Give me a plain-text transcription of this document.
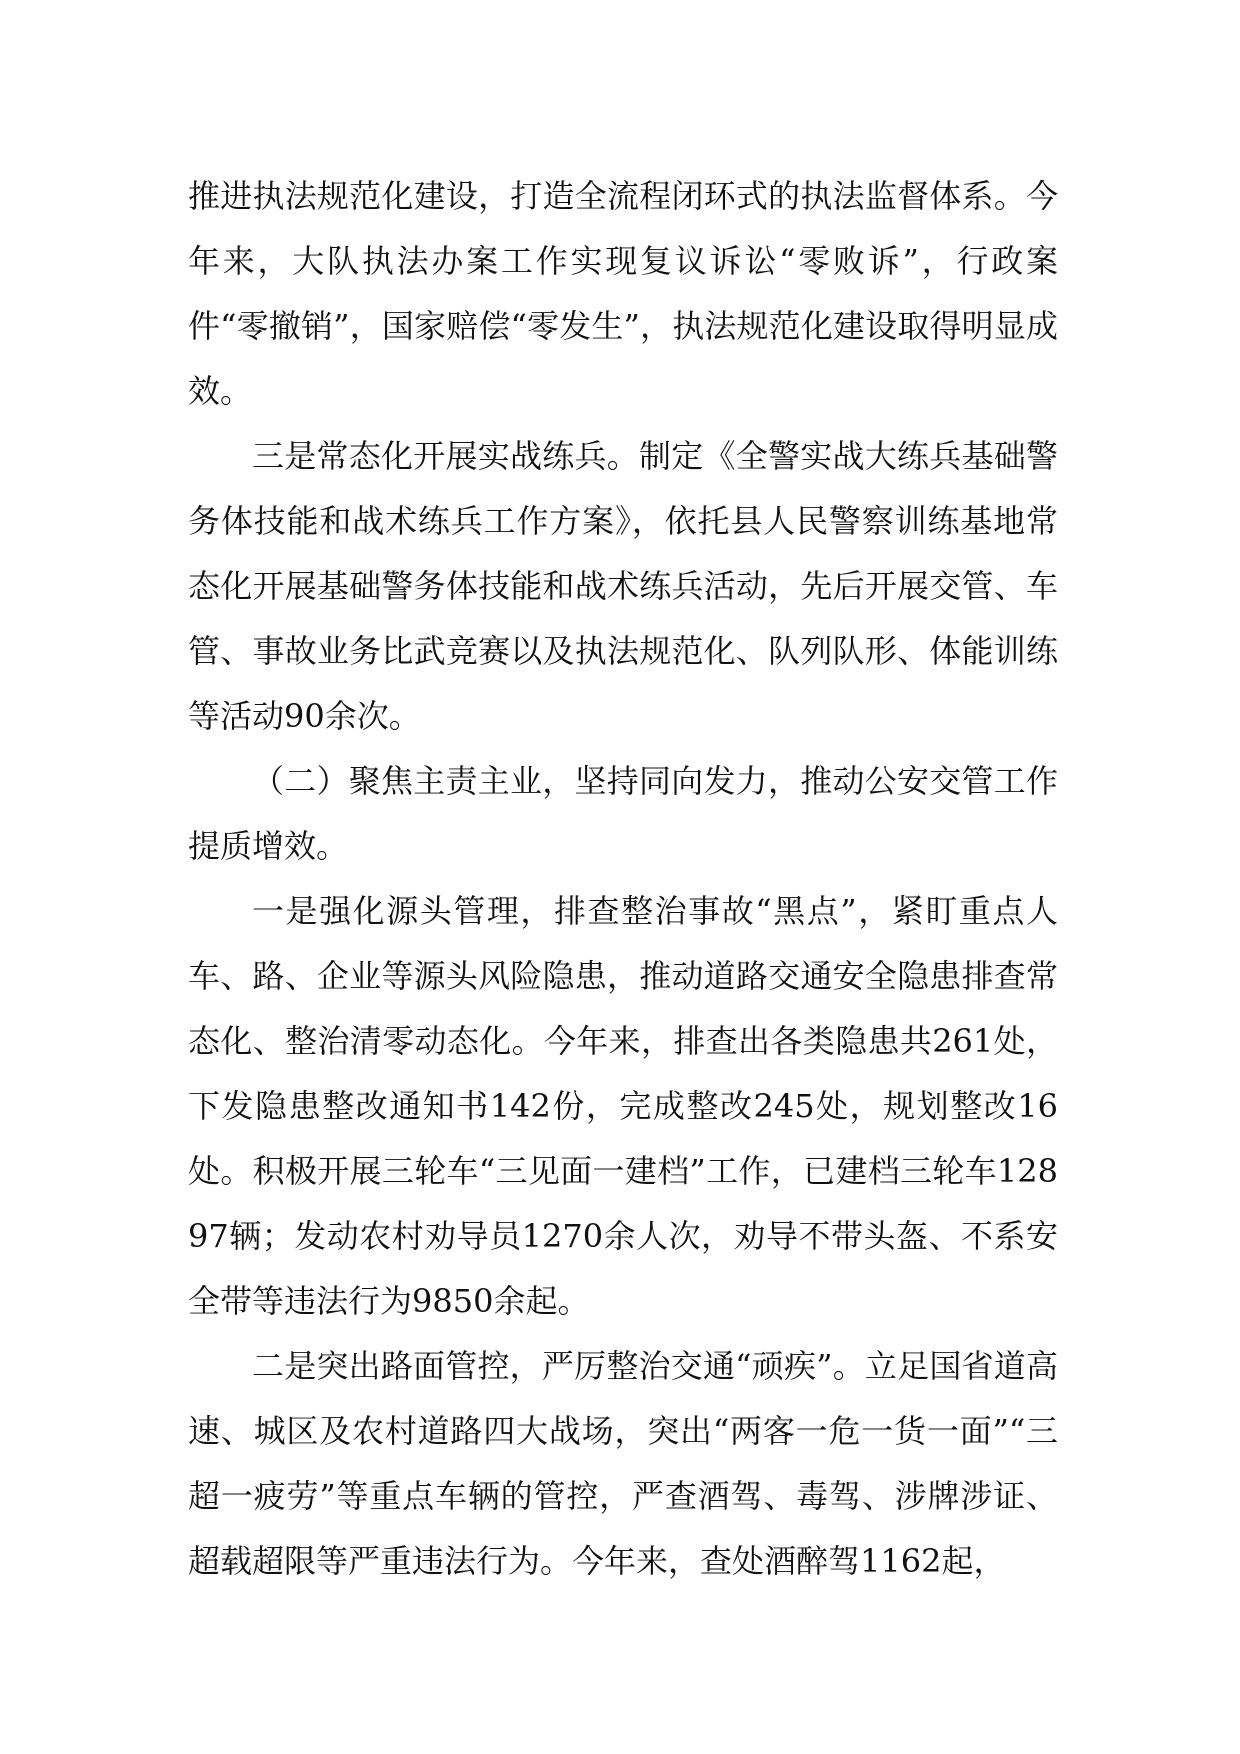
推进执法规范化建设，打造全流程闭环式的执法监督体系。今年来，大队执法办案工作实现复议诉讼“零败诉”，行政案件“零撤销”，国家赔偿“零发生”，执法规范化建设取得明显成效。

三是常态化开展实战练兵。制定《全警实战大练兵基础警务体技能和战术练兵工作方案》，依托县人民警察训练基地常态化开展基础警务体技能和战术练兵活动，先后开展交管、车管、事故业务比武竞赛以及执法规范化、队列队形、体能训练等活动90余次。

（二）聚焦主责主业，坚持同向发力，推动公安交管工作提质增效。

一是强化源头管理，排查整治事故“黑点”，紧盯重点人车、路、企业等源头风险隐患，推动道路交通安全隐患排查常态化、整治清零动态化。今年来，排查出各类隐患共261处，下发隐患整改通知书142份，完成整改245处，规划整改16处。积极开展三轮车“三见面一建档”工作，已建档三轮车12897辆；发动农村劝导员1270余人次，劝导不带头盔、不系安全带等违法行为9850余起。

二是突出路面管控，严厉整治交通“顽疾”。立足国省道高速、城区及农村道路四大战场，突出“两客一危一货一面”“三超一疲劳”等重点车辆的管控，严查酒驾、毒驾、涉牌涉证、超载超限等严重违法行为。今年来，查处酒醉驾1162起，
